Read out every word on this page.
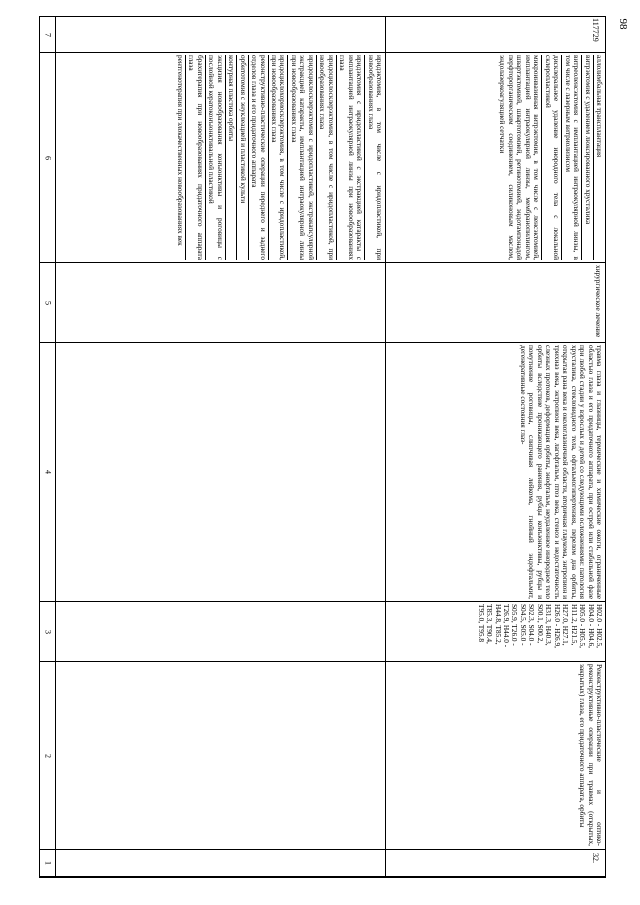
98
7
6
5
4
3
2
1

иридэктомия, в том числе с иридопластикой, при новообразованиях глаза

иридэктомия с иридопластикой с экстракцией катаракты с имплантацией интраокулярной линзы при новообразованиях глаза

иридоциклосклерэктомия, в том числе с иридопластикой, при новообразованиях глаза

иридоциклосклерэктомия с иридопластикой, экстракапсулярной экстракцией катаракты, имплантацией интраокулярной линзы при новообразованиях глаза

иридоциклохориосклерэктомия, в том числе с иридопластикой, при новообразованиях глаза

реконструктивно-пластические операции переднего и заднего отделов глаза и его придаточного аппарата

орбитотомия с энуклеацией и пластикой культи

контурная пластика орбиты

эксцизия новообразования конъюнктивы и роговицы с послойной кератоконъюнктивальной пластикой

брахитерапия при новообразованиях придаточного аппарата глаза

рентгенотерапия при злокачественных новообразованиях век	аллолимбальная трансплантация

витрэктомия с удалением люксированного хрусталика

витреоленсэктомия с имплантацией интраокулярной линзы, в том числе с лазерным витриолизисом

дисклеральное удаление инородного тела с локальной склеропластикой

микроинвазивная витрэктомия, в том числе с ленсэктомией, имплантацией интраокулярной линзы, мембранопилингом, швартэктомией, швартотомией, ретинотомией, эндотампонадой перфторорганическим соединением, силиконовым маслом, эндолазеркоагуляцией сетчатки

117729
хирургическое лечение
травма глаза и глазницы, термические и химические ожоги, ограниченные областью глаза и его придаточного аппарата, при острой или стабильной фазе при любой стадии у взрослых и детей со следующими осложнениями: патология хрусталика, стекловидного тела, офтальмогипертензия, перелом дна орбиты, открытая рана века и окологлазничной области, вторичная глаукома, энтропион и трихиаз века, эктропион века, лагофтальм, птоз века, стеноз и недостаточность слезных протоков, деформация орбиты, энофтальм, неудаленное инородное тело орбиты вследствие проникающего ранения, рубцы конъюнктивы, рубцы и помутнение роговицы, слипчивая лейкома, гнойный эндофтальмит, дегенеративные состояния глаз-
H02.0 - H02.5, H04.0 - H04.6, H05.0 - H05.5, H11.2, H21.5, H27.0, H27.1, H26.0 - H26.9, H31.3, H40.3, S00.1, S00.2, S02.3, S04.0 - S04.5, S05.0 - S05.9, T26.0 - T26.9, H44.0 - H44.8, T85.2, T85.3, T90.4, T95.0, T95.8
Реконструктивно-пластические и оптико-реконструктивные операции при травмах (открытых, закрытых) глаза, его придаточного аппарата, орбиты
32.
